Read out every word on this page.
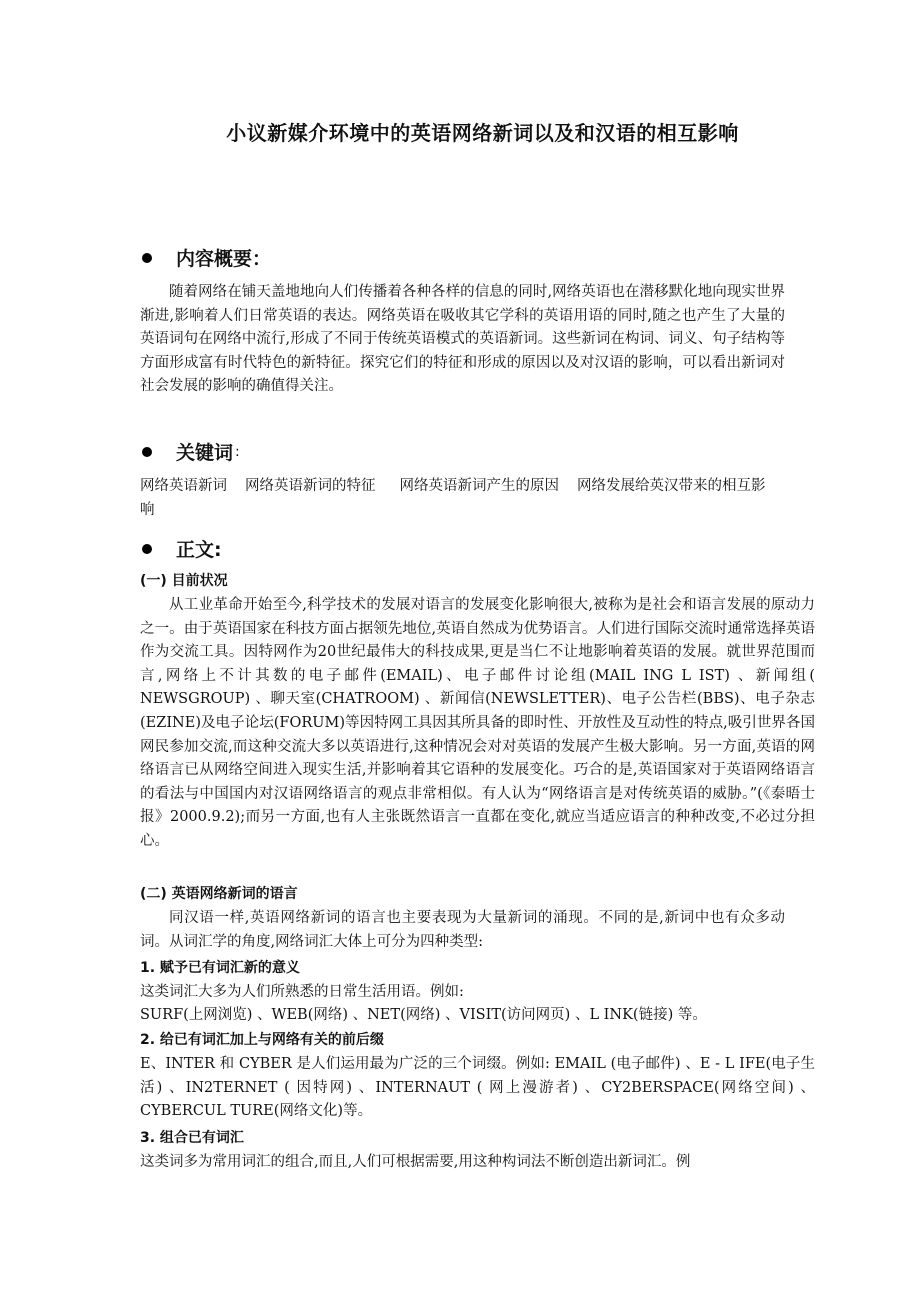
小议新媒介环境中的英语网络新词以及和汉语的相互影响
内容概要：

随着网络在铺天盖地地向人们传播着各种各样的信息的同时,网络英语也在潜移默化地向现实世界渐进,影响着人们日常英语的表达。网络英语在吸收其它学科的英语用语的同时,随之也产生了大量的英语词句在网络中流行,形成了不同于传统英语模式的英语新词。这些新词在构词、词义、句子结构等方面形成富有时代特色的新特征。探究它们的特征和形成的原因以及对汉语的影响，可以看出新词对社会发展的影响的确值得关注。

关键词 :
网络英语新词 网络英语新词的特征 网络英语新词产生的原因 网络发展给英汉带来的相互影响
正文:
(一) 目前状况

从工业革命开始至今,科学技术的发展对语言的发展变化影响很大,被称为是社会和语言发展的原动力之一。由于英语国家在科技方面占据领先地位,英语自然成为优势语言。人们进行国际交流时通常选择英语作为交流工具。因特网作为20世纪最伟大的科技成果,更是当仁不让地影响着英语的发展。就世界范围而言,网络上不计其数的电子邮件(EMAIL)、电子邮件讨论组(MAIL ING L IST) 、新闻组( NEWSGROUP) 、聊天室(CHATROOM) 、新闻信(NEWSLETTER)、电子公告栏(BBS)、电子杂志(EZINE)及电子论坛(FORUM)等因特网工具因其所具备的即时性、开放性及互动性的特点,吸引世界各国网民参加交流,而这种交流大多以英语进行,这种情况会对对英语的发展产生极大影响。另一方面,英语的网络语言已从网络空间进入现实生活,并影响着其它语种的发展变化。巧合的是,英语国家对于英语网络语言的看法与中国国内对汉语网络语言的观点非常相似。有人认为“网络语言是对传统英语的威胁。”(《泰晤士报》2000.9.2);而另一方面,也有人主张既然语言一直都在变化,就应当适应语言的种种改变,不必过分担心。

(二) 英语网络新词的语言

同汉语一样,英语网络新词的语言也主要表现为大量新词的涌现。不同的是,新词中也有众多动词。从词汇学的角度,网络词汇大体上可分为四种类型:

1. 赋予已有词汇新的意义

这类词汇大多为人们所熟悉的日常生活用语。例如:

SURF(上网浏览) 、WEB(网络) 、NET(网络) 、VISIT(访问网页) 、L INK(链接) 等。

2. 给已有词汇加上与网络有关的前后缀

E、INTER 和 CYBER 是人们运用最为广泛的三个词缀。例如: EMAIL (电子邮件) 、E - L IFE(电子生活) 、IN2TERNET ( 因特网) 、INTERNAUT ( 网上漫游者) 、CY2BERSPACE(网络空间) 、CYBERCUL TURE(网络文化)等。

3. 组合已有词汇

这类词多为常用词汇的组合,而且,人们可根据需要,用这种构词法不断创造出新词汇。例
